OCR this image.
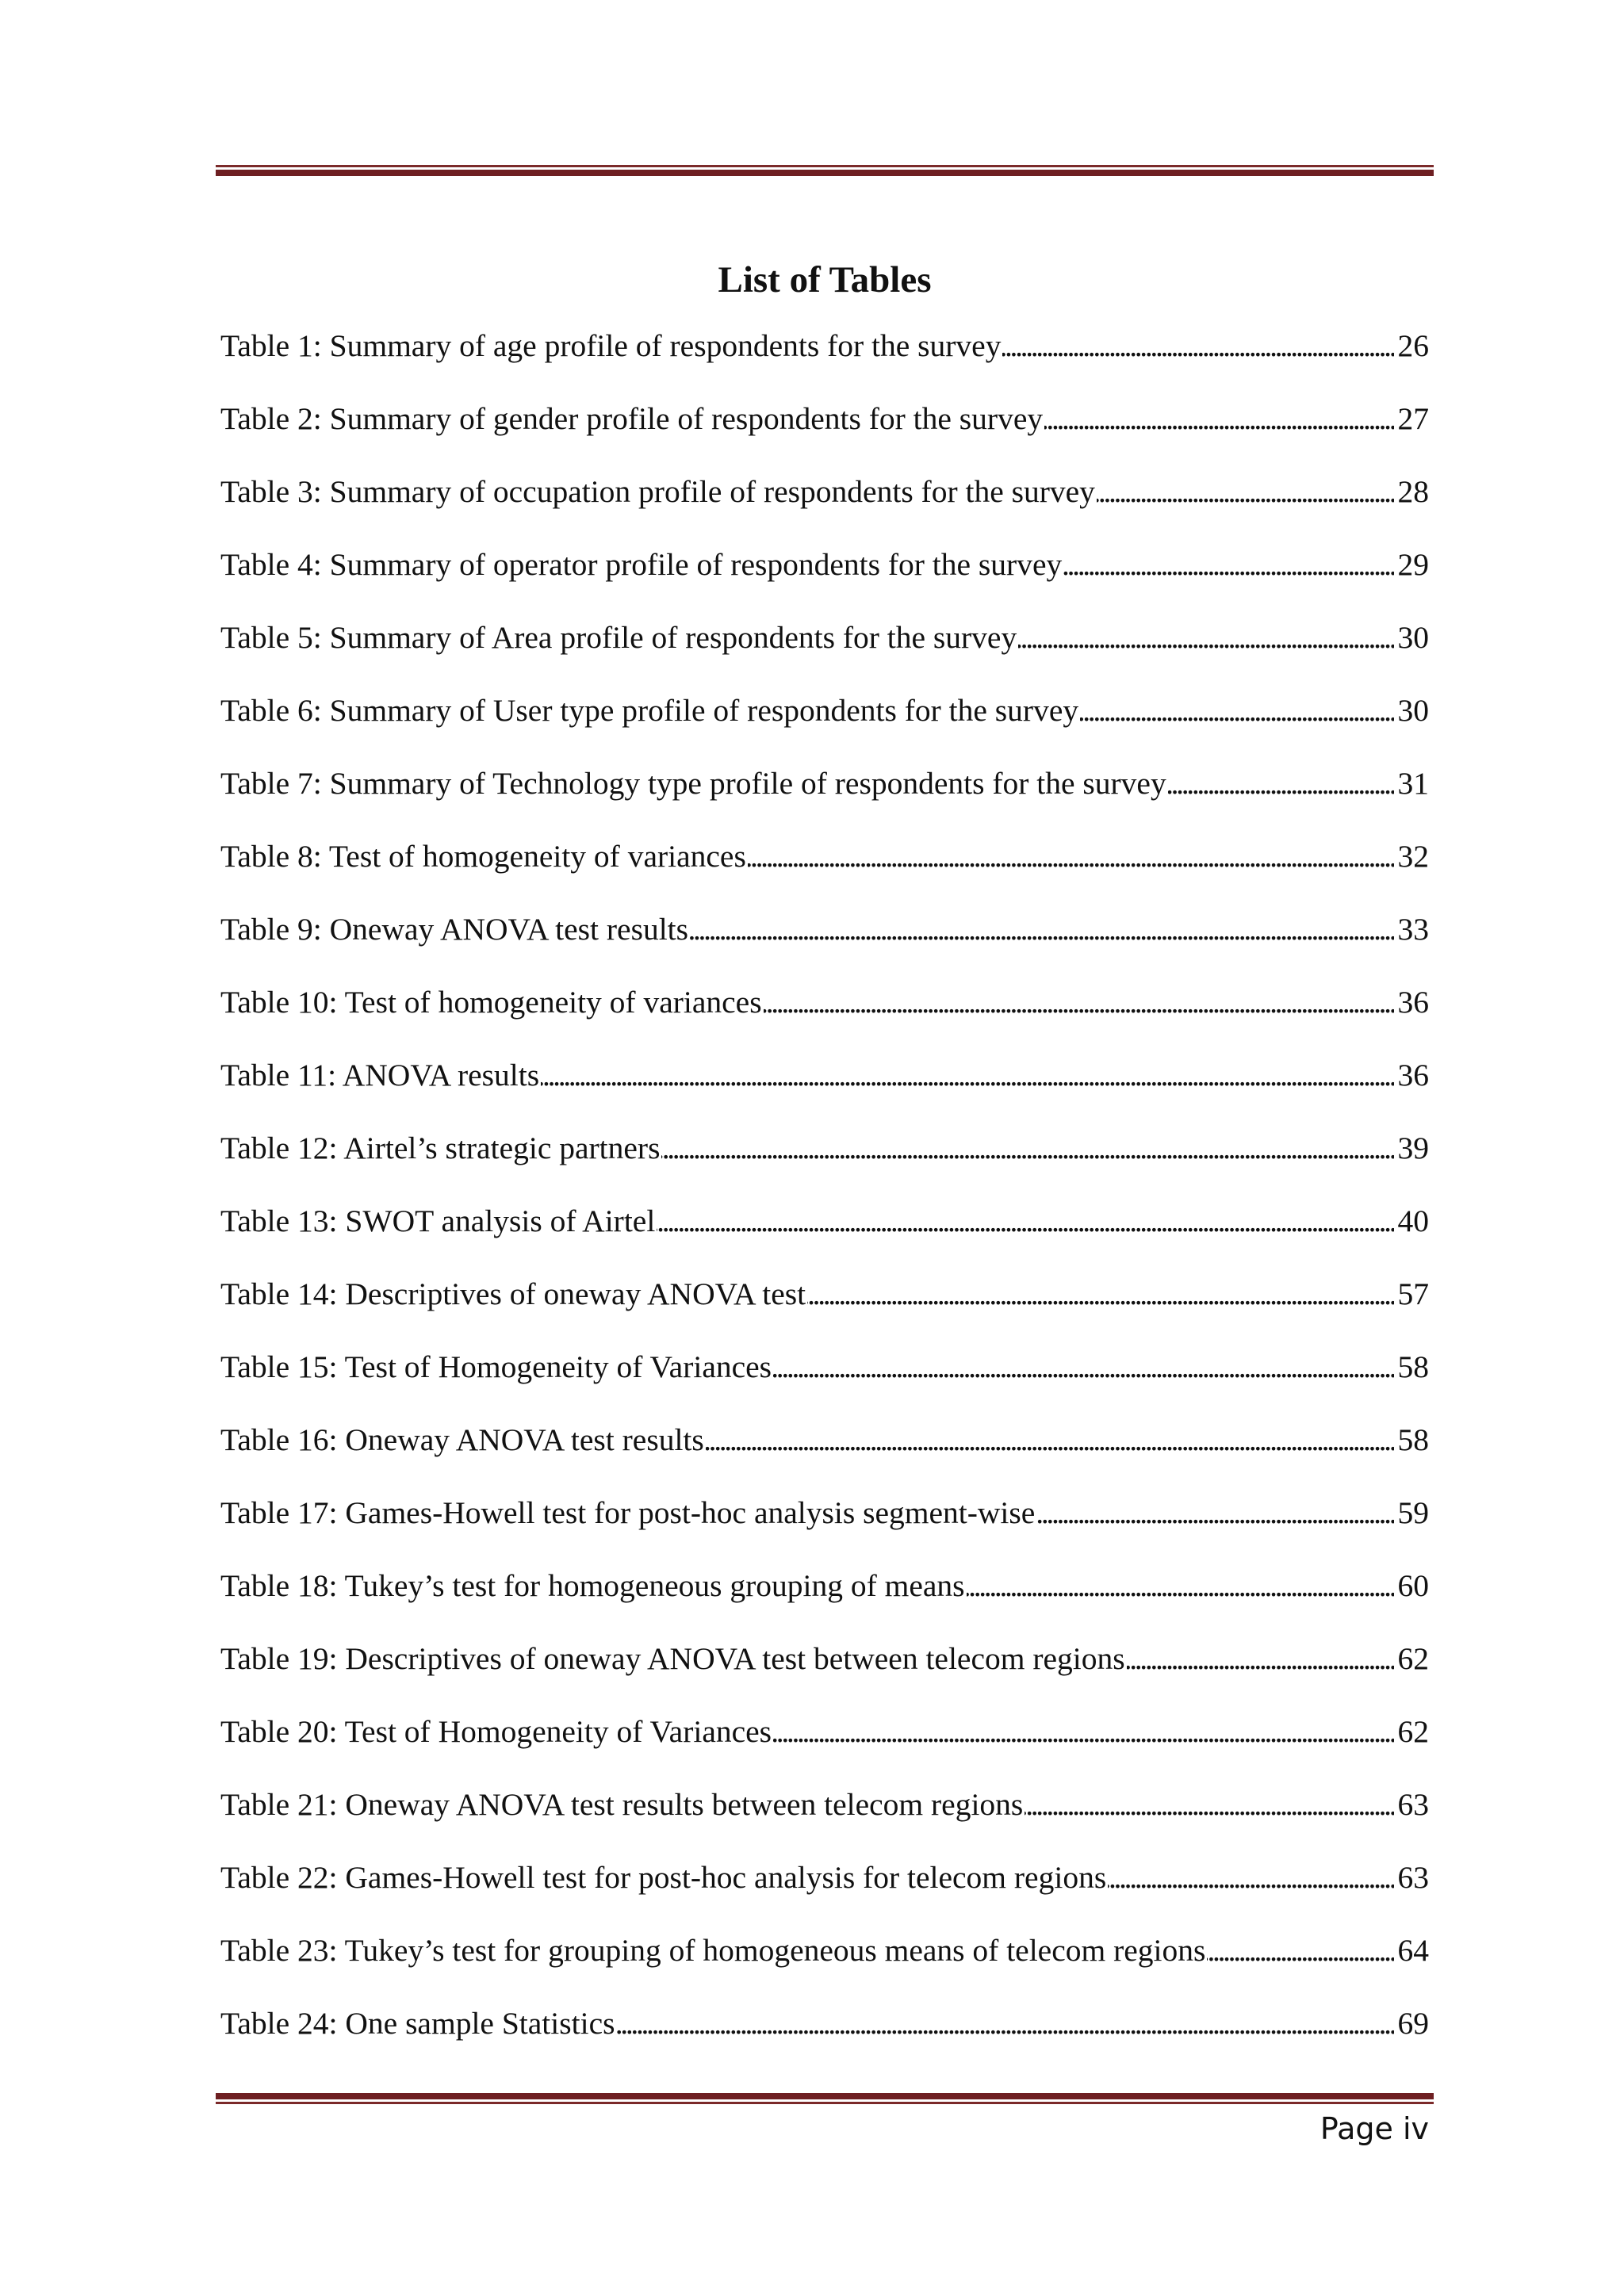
List of Tables
Table 1: Summary of age profile of respondents for the survey . . .	26
Table 2: Summary of gender profile of respondents for the survey . . .	27
Table 3: Summary of occupation profile of respondents for the survey . . .	28
Table 4: Summary of operator profile of respondents for the survey . . .	29
Table 5: Summary of Area profile of respondents for the survey . . .	30
Table 6: Summary of User type profile of respondents for the survey . . .	30
Table 7: Summary of Technology type profile of respondents for the survey . . .	31
Table 8: Test of homogeneity of variances . . .	32
Table 9: Oneway ANOVA test results . . .	33
Table 10: Test of homogeneity of variances . . .	36
Table 11: ANOVA results . . .	36
Table 12: Airtel’s strategic partners . . .	39
Table 13: SWOT analysis of Airtel . . .	40
Table 14: Descriptives of oneway ANOVA test . . .	57
Table 15: Test of Homogeneity of Variances . . .	58
Table 16: Oneway ANOVA test results . . .	58
Table 17: Games-Howell test for post-hoc analysis segment-wise . . .	59
Table 18: Tukey’s test for homogeneous grouping of means . . .	60
Table 19: Descriptives of oneway ANOVA test between telecom regions . . .	62
Table 20: Test of Homogeneity of Variances . . .	62
Table 21: Oneway ANOVA test results between telecom regions . . .	63
Table 22: Games-Howell test for post-hoc analysis for telecom regions . . .	63
Table 23: Tukey’s test for grouping of homogeneous means of telecom regions . . .	64
Table 24: One sample Statistics . . .	69
Page iv
